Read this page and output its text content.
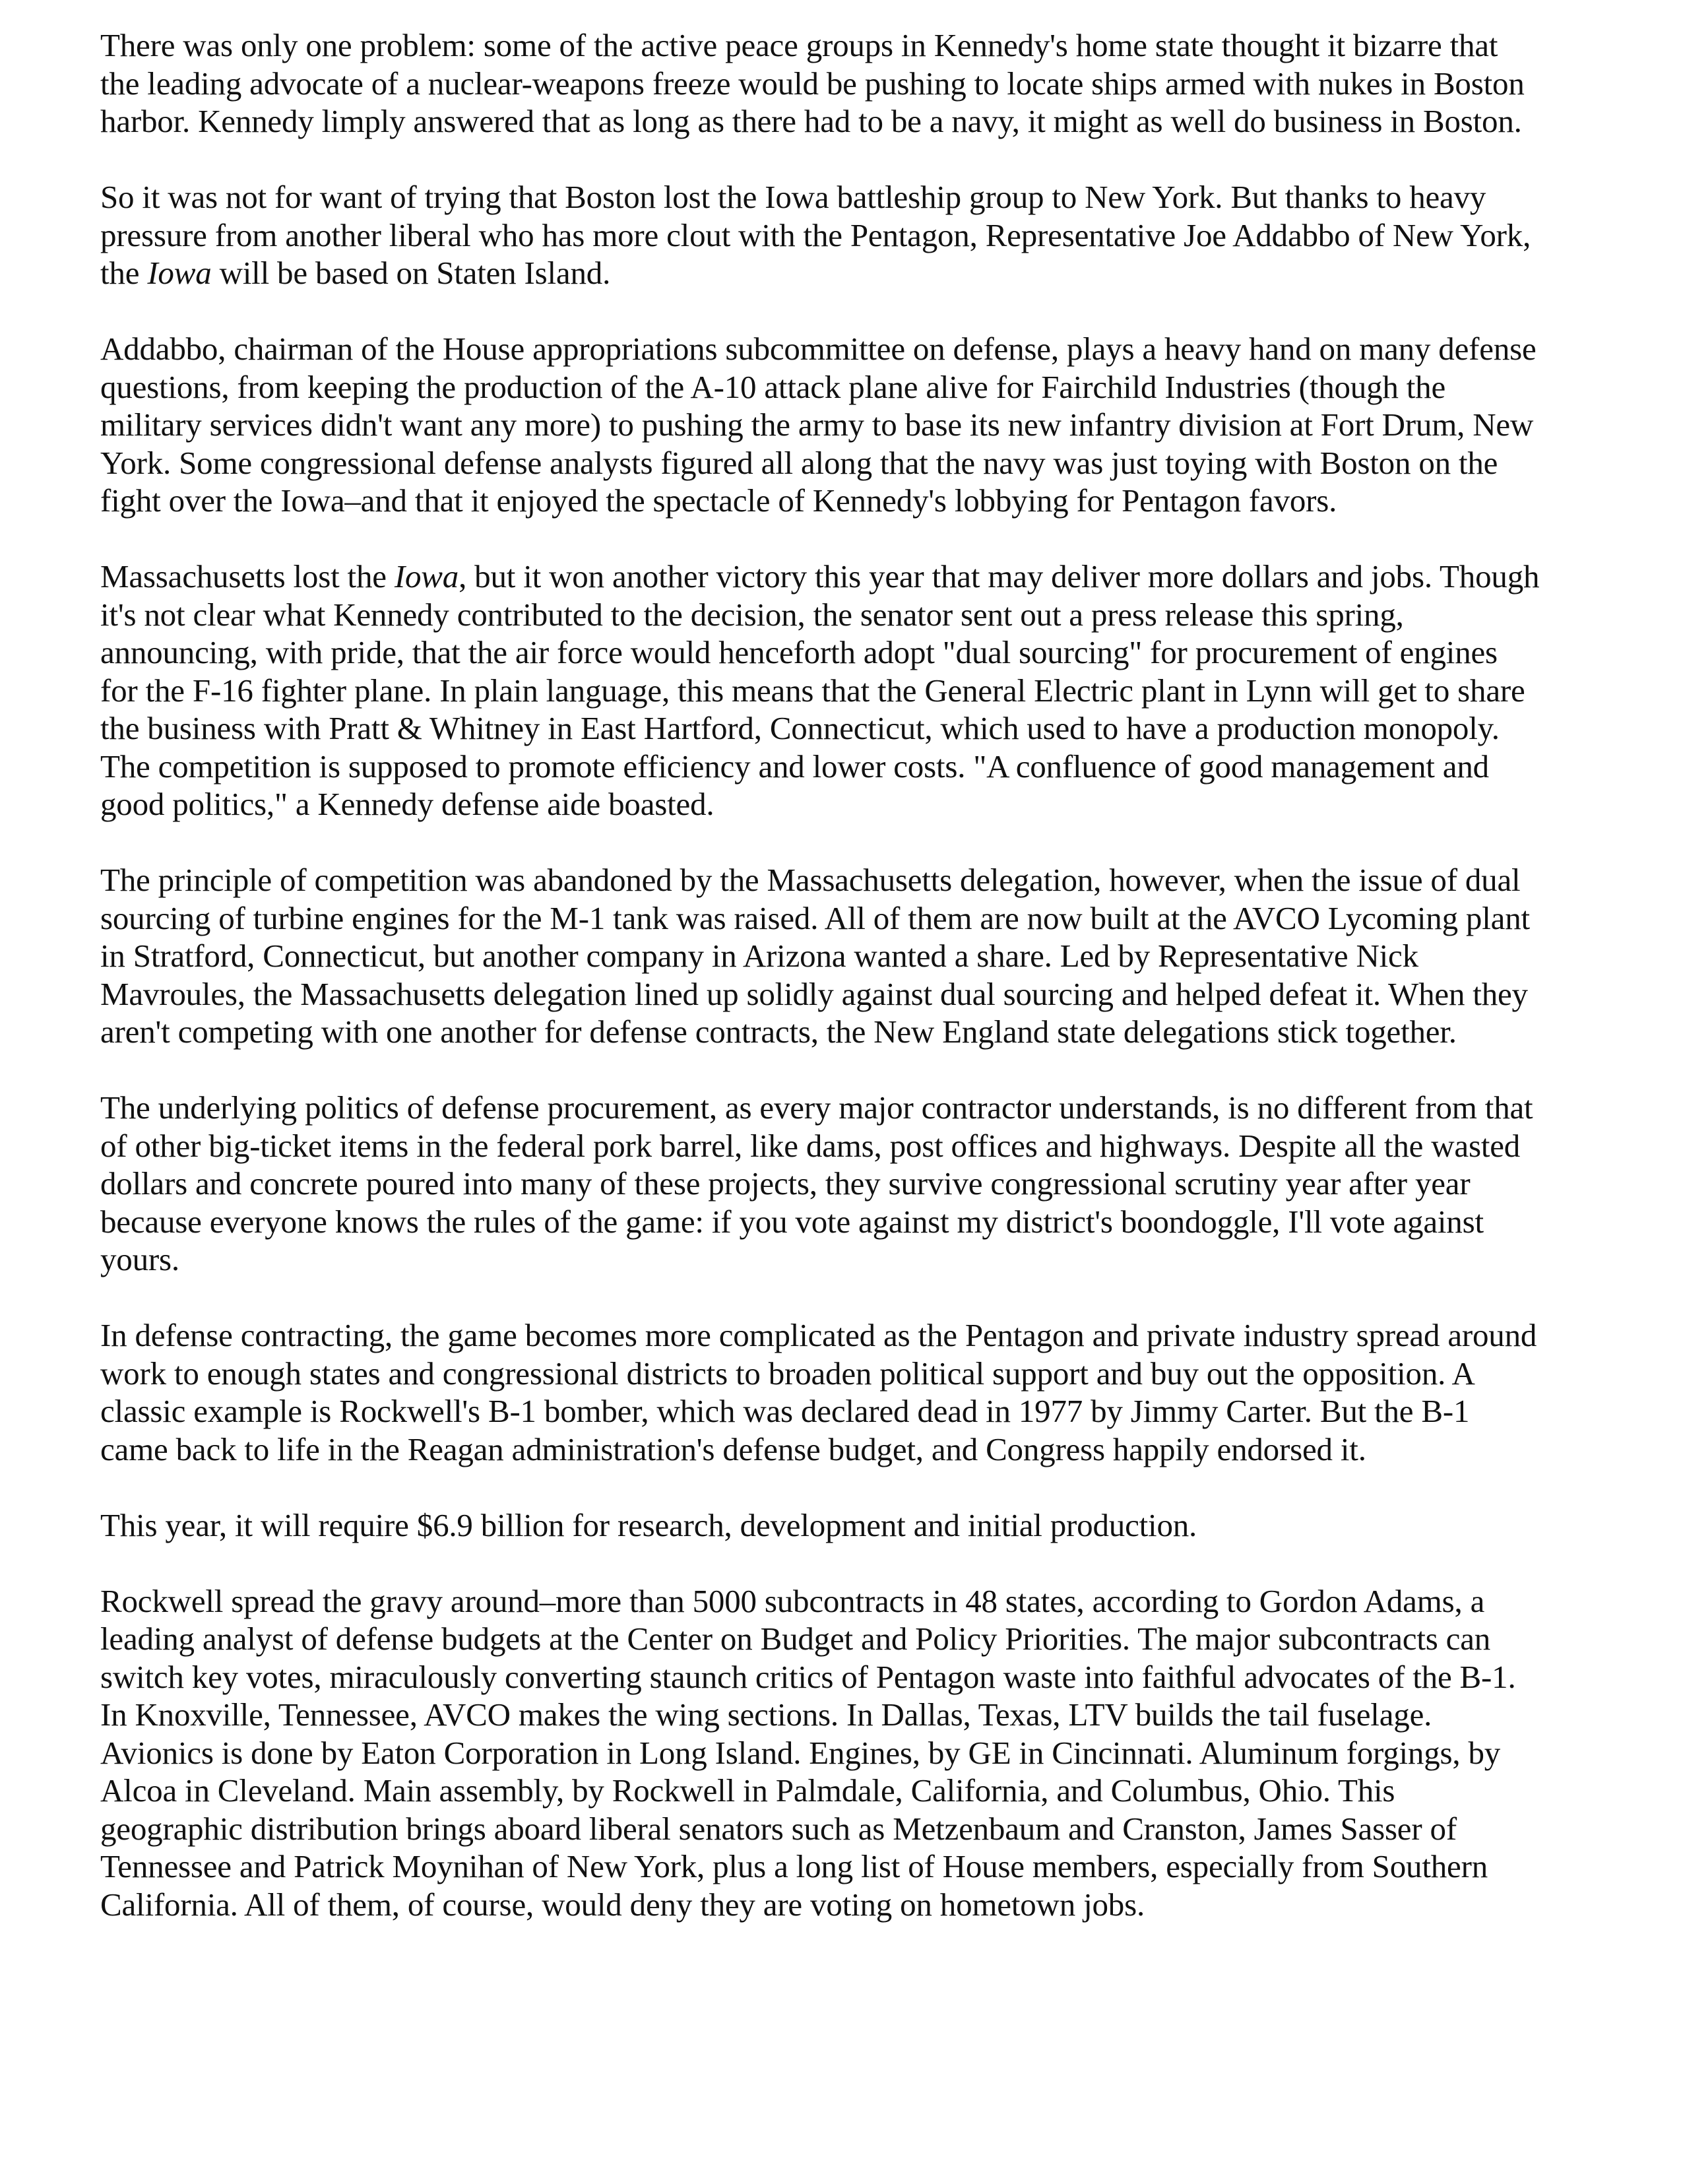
There was only one problem: some of the active peace groups in Kennedy's home state thought it bizarre that
the leading advocate of a nuclear-weapons freeze would be pushing to locate ships armed with nukes in Boston
harbor. Kennedy limply answered that as long as there had to be a navy, it might as well do business in Boston.

So it was not for want of trying that Boston lost the Iowa battleship group to New York. But thanks to heavy
pressure from another liberal who has more clout with the Pentagon, Representative Joe Addabbo of New York,
the Iowa will be based on Staten Island.

Addabbo, chairman of the House appropriations subcommittee on defense, plays a heavy hand on many defense
questions, from keeping the production of the A-10 attack plane alive for Fairchild Industries (though the
military services didn't want any more) to pushing the army to base its new infantry division at Fort Drum, New
York. Some congressional defense analysts figured all along that the navy was just toying with Boston on the
fight over the Iowa–and that it enjoyed the spectacle of Kennedy's lobbying for Pentagon favors.

Massachusetts lost the Iowa, but it won another victory this year that may deliver more dollars and jobs. Though
it's not clear what Kennedy contributed to the decision, the senator sent out a press release this spring,
announcing, with pride, that the air force would henceforth adopt "dual sourcing" for procurement of engines
for the F-16 fighter plane. In plain language, this means that the General Electric plant in Lynn will get to share
the business with Pratt & Whitney in East Hartford, Connecticut, which used to have a production monopoly.
The competition is supposed to promote efficiency and lower costs. "A confluence of good management and
good politics," a Kennedy defense aide boasted.

The principle of competition was abandoned by the Massachusetts delegation, however, when the issue of dual
sourcing of turbine engines for the M-1 tank was raised. All of them are now built at the AVCO Lycoming plant
in Stratford, Connecticut, but another company in Arizona wanted a share. Led by Representative Nick
Mavroules, the Massachusetts delegation lined up solidly against dual sourcing and helped defeat it. When they
aren't competing with one another for defense contracts, the New England state delegations stick together.

The underlying politics of defense procurement, as every major contractor understands, is no different from that
of other big-ticket items in the federal pork barrel, like dams, post offices and highways. Despite all the wasted
dollars and concrete poured into many of these projects, they survive congressional scrutiny year after year
because everyone knows the rules of the game: if you vote against my district's boondoggle, I'll vote against
yours.

In defense contracting, the game becomes more complicated as the Pentagon and private industry spread around
work to enough states and congressional districts to broaden political support and buy out the opposition. A
classic example is Rockwell's B-1 bomber, which was declared dead in 1977 by Jimmy Carter. But the B-1
came back to life in the Reagan administration's defense budget, and Congress happily endorsed it.

This year, it will require $6.9 billion for research, development and initial production.

Rockwell spread the gravy around–more than 5000 subcontracts in 48 states, according to Gordon Adams, a
leading analyst of defense budgets at the Center on Budget and Policy Priorities. The major subcontracts can
switch key votes, miraculously converting staunch critics of Pentagon waste into faithful advocates of the B-1.
In Knoxville, Tennessee, AVCO makes the wing sections. In Dallas, Texas, LTV builds the tail fuselage.
Avionics is done by Eaton Corporation in Long Island. Engines, by GE in Cincinnati. Aluminum forgings, by
Alcoa in Cleveland. Main assembly, by Rockwell in Palmdale, California, and Columbus, Ohio. This
geographic distribution brings aboard liberal senators such as Metzenbaum and Cranston, James Sasser of
Tennessee and Patrick Moynihan of New York, plus a long list of House members, especially from Southern
California. All of them, of course, would deny they are voting on hometown jobs.
